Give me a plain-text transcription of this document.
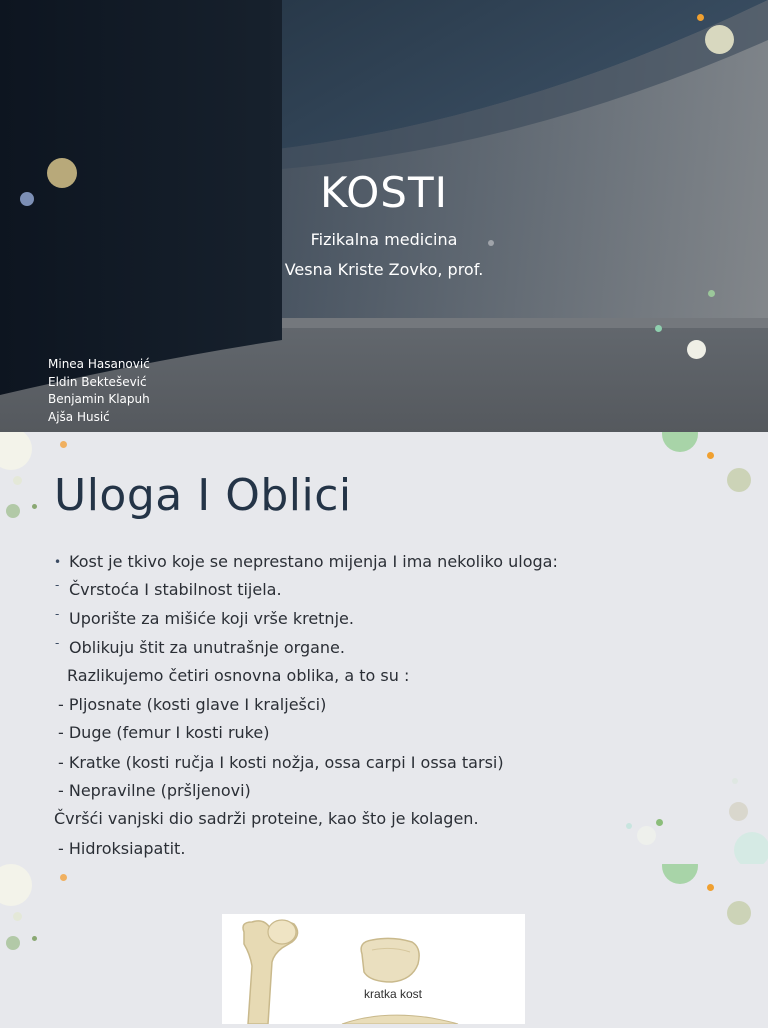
KOSTI
Fizikalna medicina
Vesna Kriste Zovko, prof.
Minea Hasanović
Eldin Bektešević
Benjamin Klapuh
Ajša Husić
Uloga I Oblici
• Kost je tkivo koje se neprestano mijenja I ima nekoliko uloga:
- Čvrstoća I stabilnost tijela.
- Uporište za mišiće koji vrše kretnje.
- Oblikuju štit za unutrašnje organe.
Razlikujemo četiri osnovna oblika, a to su :
- Pljosnate (kosti glave I kralješci)
- Duge (femur I kosti ruke)
- Kratke (kosti ručja I kosti nožja, ossa carpi I ossa tarsi)
- Nepravilne (pršljenovi)
Čvršći vanjski dio sadrži proteine, kao što je kolagen.
- Hidroksiapatit.
kratka kost
